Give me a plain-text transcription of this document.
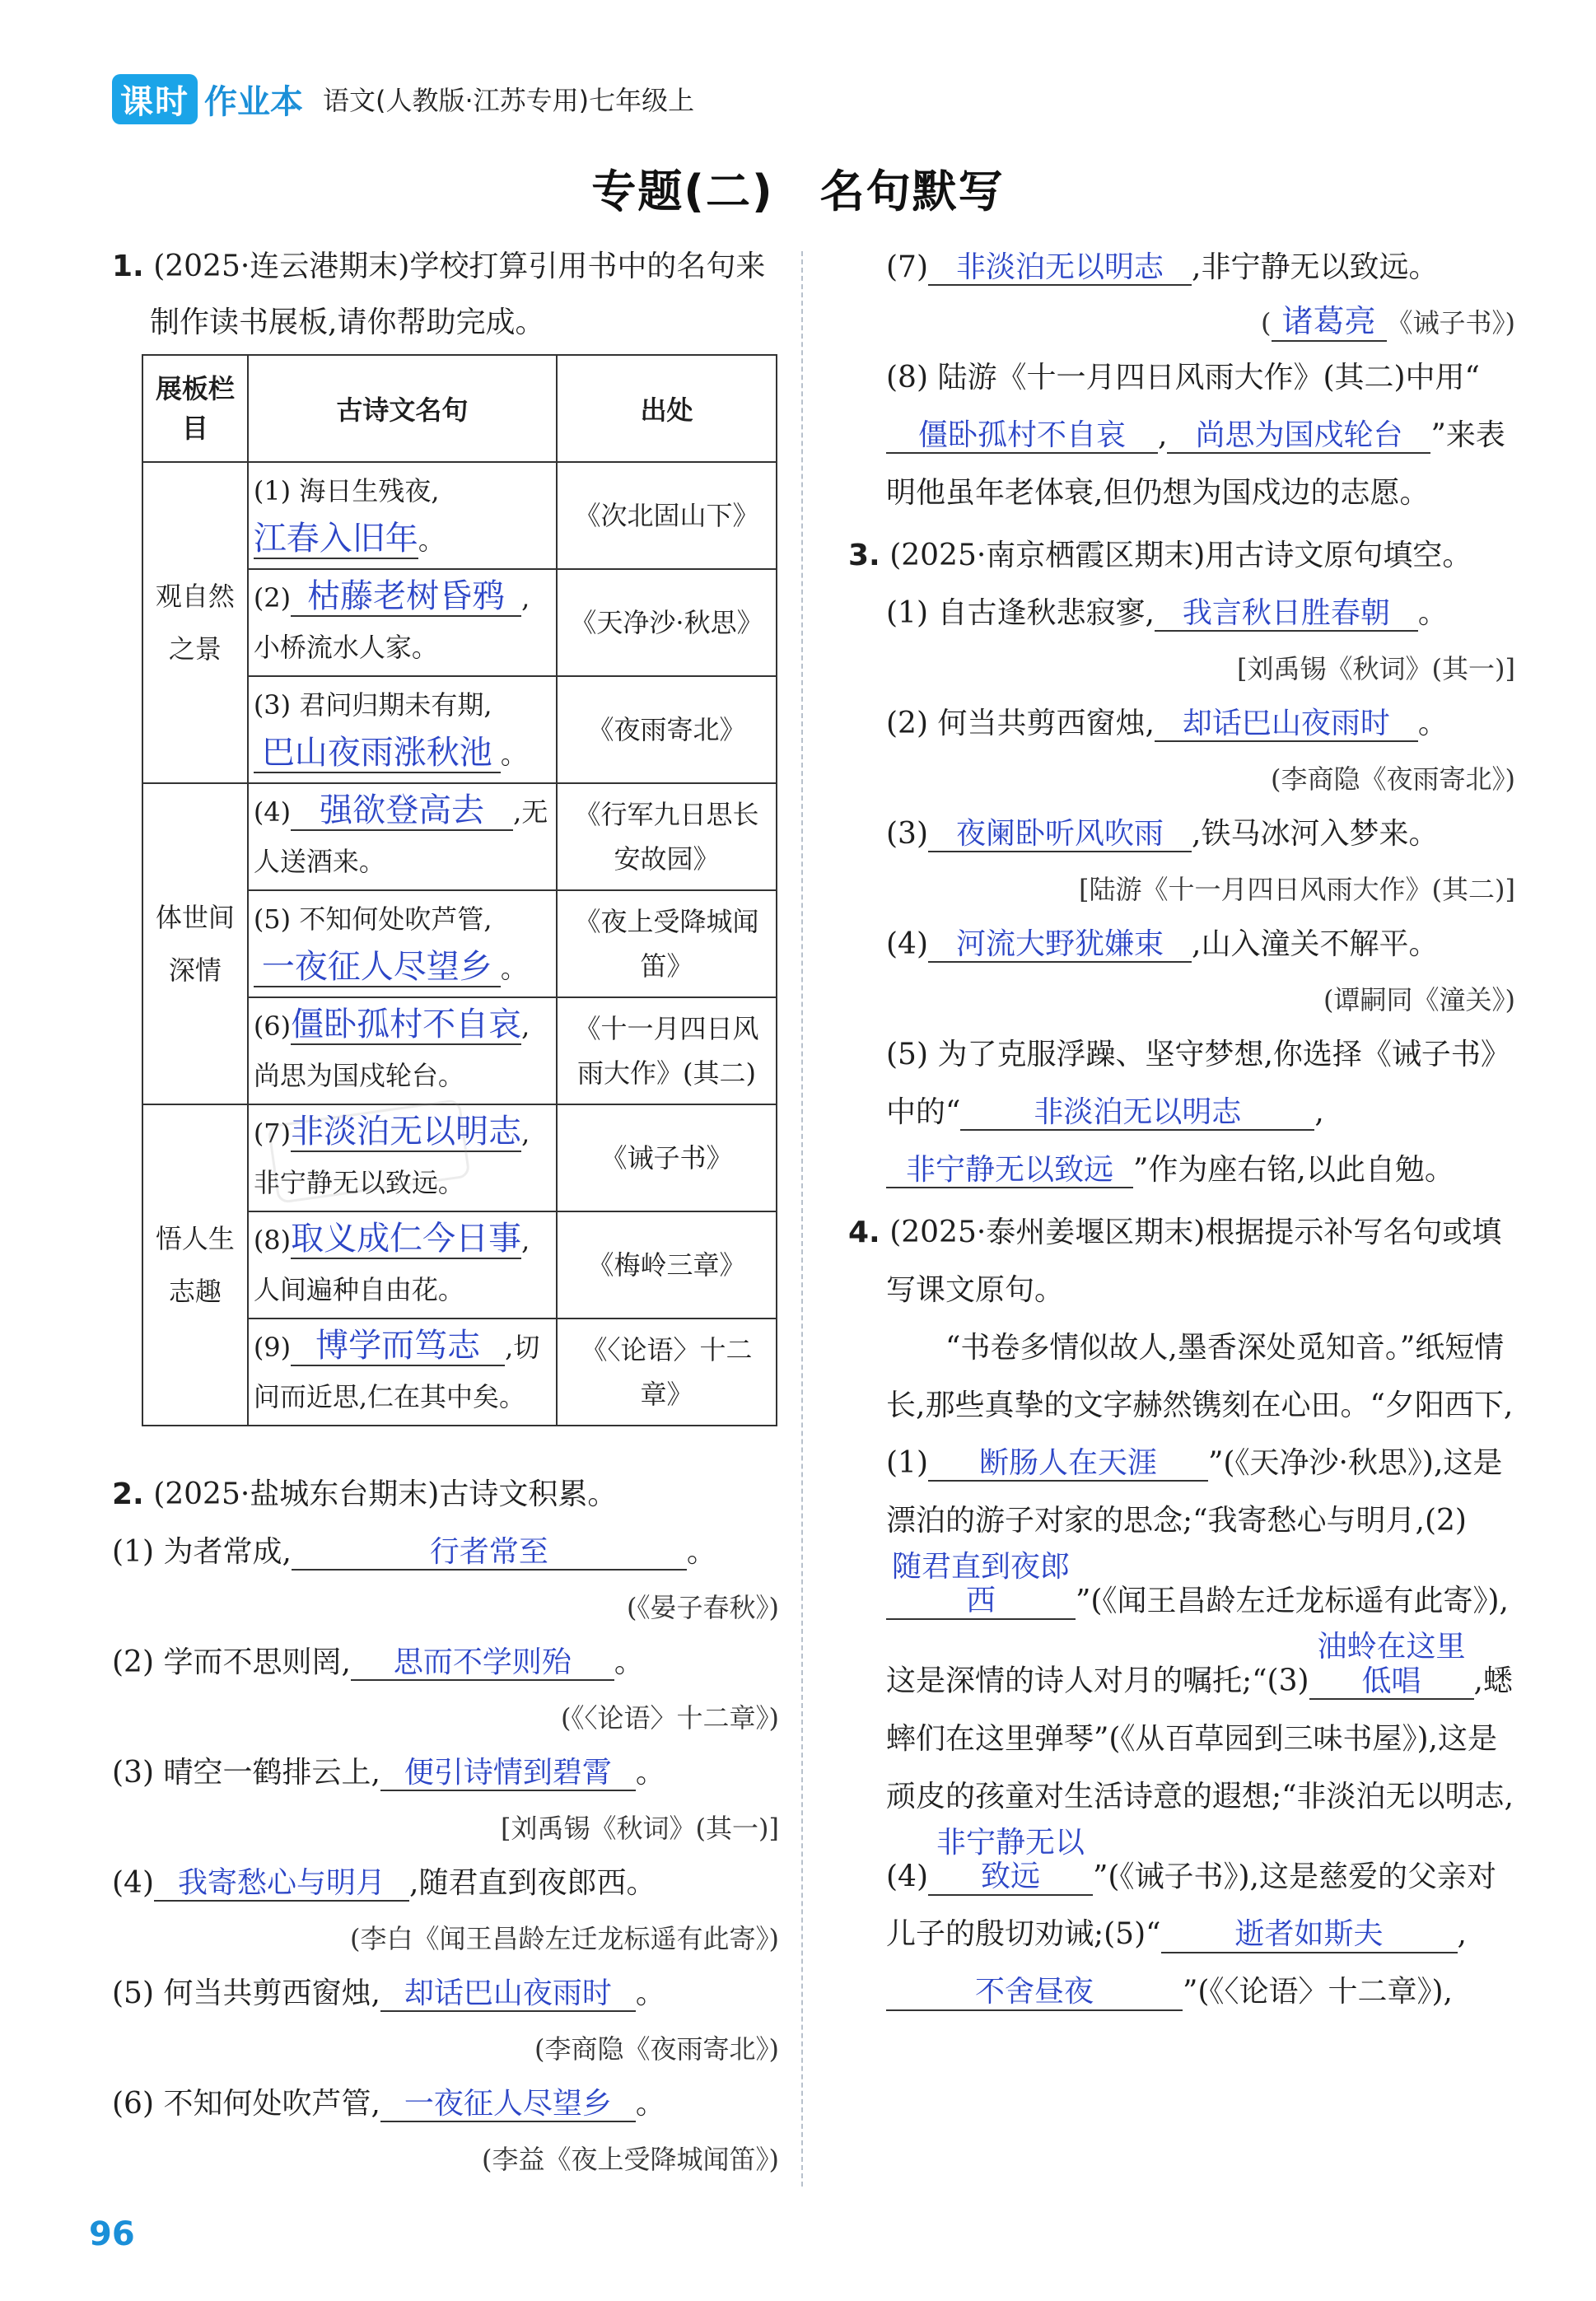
课时 作业本 语文(人教版·江苏专用)七年级上
专题(二)　名句默写
1. (2025·连云港期末)学校打算引用书中的名句来制作读书展板,请你帮助完成。
展板栏目	古诗文名句	出处
观自然之景	(1) 海日生残夜,江春入旧年。	《次北固山下》
	(2) 枯藤老树昏鸦 ,小桥流水人家。	《天净沙·秋思》
	(3) 君问归期未有期,巴山夜雨涨秋池 。	《夜雨寄北》
体世间深情	(4) 强欲登高去 ,无人送酒来。	《行军九日思长安故园》
	(5) 不知何处吹芦管,一夜征人尽望乡 。	《夜上受降城闻笛》
	(6)僵卧孤村不自哀,尚思为国戍轮台。	《十一月四日风雨大作》(其二)
悟人生志趣	(7)非淡泊无以明志,非宁静无以致远。	《诫子书》
	(8)取义成仁今日事,人间遍种自由花。	《梅岭三章》
	(9) 博学而笃志 ,切问而近思,仁在其中矣。	《〈论语〉十二章》
2. (2025·盐城东台期末)古诗文积累。
(1) 为者常成,	行者常至	。
(《晏子春秋》)
(2) 学而不思则罔, 思而不学则殆 。
(《〈论语〉十二章》)
(3) 晴空一鹤排云上, 便引诗情到碧霄 。
[刘禹锡《秋词》(其一)]
(4) 我寄愁心与明月 ,随君直到夜郎西。
(李白《闻王昌龄左迁龙标遥有此寄》)
(5) 何当共剪西窗烛, 却话巴山夜雨时 。
(李商隐《夜雨寄北》)
(6) 不知何处吹芦管, 一夜征人尽望乡 。
(李益《夜上受降城闻笛》)
(7) 非淡泊无以明志 ,非宁静无以致远。
( 诸葛亮 《诫子书》)
(8) 陆游《十一月四日风雨大作》(其二)中用“僵卧孤村不自哀 , 尚思为国戍轮台 ”来表明他虽年老体衰,但仍想为国戍边的志愿。
3. (2025·南京栖霞区期末)用古诗文原句填空。
(1) 自古逢秋悲寂寥, 我言秋日胜春朝 。
[刘禹锡《秋词》(其一)]
(2) 何当共剪西窗烛, 却话巴山夜雨时 。
(李商隐《夜雨寄北》)
(3) 夜阑卧听风吹雨 ,铁马冰河入梦来。
[陆游《十一月四日风雨大作》(其二)]
(4) 河流大野犹嫌束 ,山入潼关不解平。
(谭嗣同《潼关》)
(5) 为了克服浮躁、坚守梦想,你选择《诫子书》中的“ 非淡泊无以明志 ,非宁静无以致远 ”作为座右铭,以此自勉。
4. (2025·泰州姜堰区期末)根据提示补写名句或填写课文原句。
“书卷多情似故人,墨香深处觅知音。”纸短情长,那些真挚的文字赫然镌刻在心田。“夕阳西下,(1) 断肠人在天涯 ”(《天净沙·秋思》),这是漂泊的游子对家的思念;“我寄愁心与明月,(2)随君直到夜郎西	”(《闻王昌龄左迁龙标遥有此寄》),这是深情的诗人对月的嘱托;“(3)油蛉在这里低唱 ,蟋蟀们在这里弹琴”(《从百草园到三味书屋》),这是顽皮的孩童对生活诗意的遐想;“非淡泊无以明志,(4)非宁静无以致远 ”(《诫子书》),这是慈爱的父亲对儿子的殷切劝诫;(5)“ 逝者如斯夫	,不舍昼夜	”(《〈论语〉十二章》),
96
